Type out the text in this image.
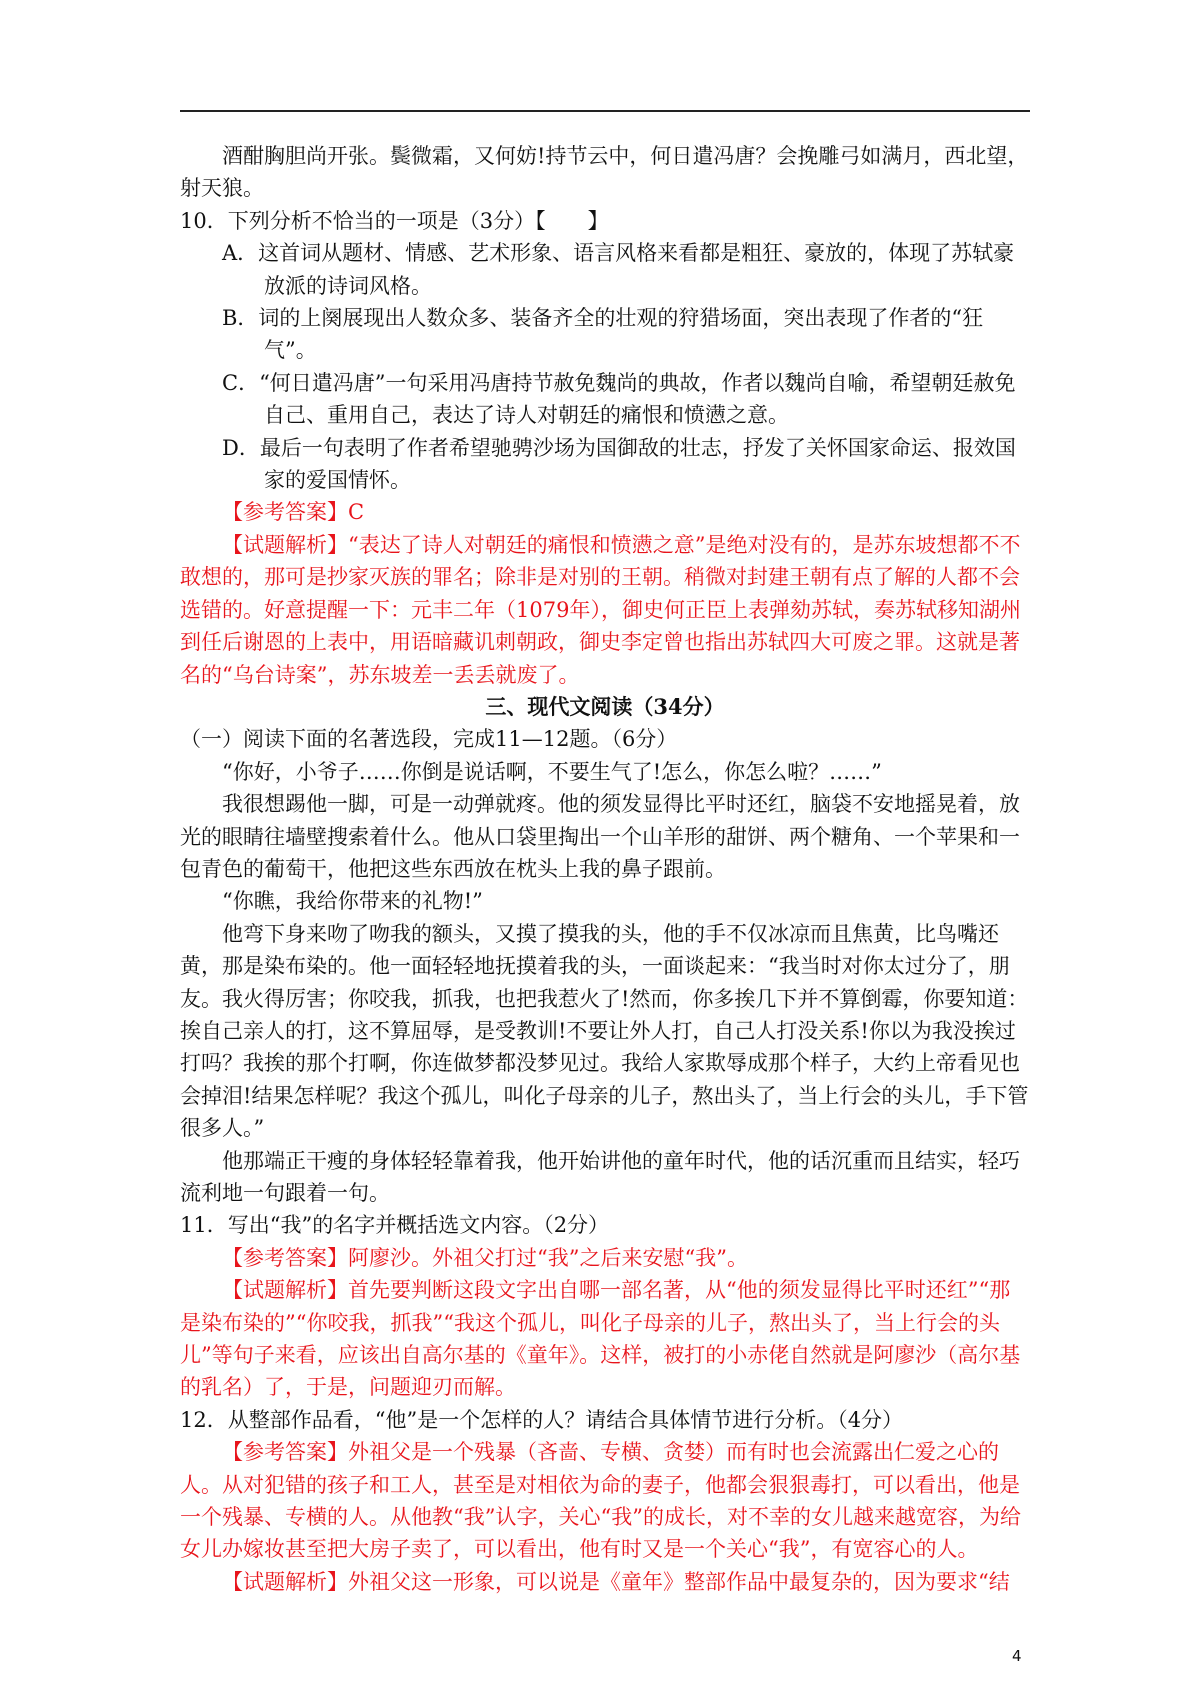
酒酣胸胆尚开张。鬓微霜，又何妨!持节云中，何日遣冯唐？会挽雕弓如满月，西北望，射天狼。

10．下列分析不恰当的一项是（3分）【　　】

A．这首词从题材、情感、艺术形象、语言风格来看都是粗狂、豪放的，体现了苏轼豪放派的诗词风格。

B．词的上阕展现出人数众多、装备齐全的壮观的狩猎场面，突出表现了作者的“狂气”。

C．“何日遣冯唐”一句采用冯唐持节赦免魏尚的典故，作者以魏尚自喻，希望朝廷赦免自己、重用自己，表达了诗人对朝廷的痛恨和愤懑之意。

D．最后一句表明了作者希望驰骋沙场为国御敌的壮志，抒发了关怀国家命运、报效国家的爱国情怀。

【参考答案】C

【试题解析】“表达了诗人对朝廷的痛恨和愤懑之意”是绝对没有的，是苏东坡想都不不敢想的，那可是抄家灭族的罪名；除非是对别的王朝。稍微对封建王朝有点了解的人都不会选错的。好意提醒一下：元丰二年（1079年），御史何正臣上表弹劾苏轼，奏苏轼移知湖州到任后谢恩的上表中，用语暗藏讥刺朝政，御史李定曾也指出苏轼四大可废之罪。这就是著名的“乌台诗案”，苏东坡差一丢丢就废了。

三、现代文阅读（34分）

（一）阅读下面的名著选段，完成11—12题。（6分）

“你好，小爷子……你倒是说话啊，不要生气了!怎么，你怎么啦？……”

我很想踢他一脚，可是一动弹就疼。他的须发显得比平时还红，脑袋不安地摇晃着，放光的眼睛往墙壁搜索着什么。他从口袋里掏出一个山羊形的甜饼、两个糖角、一个苹果和一包青色的葡萄干，他把这些东西放在枕头上我的鼻子跟前。

“你瞧，我给你带来的礼物!”

他弯下身来吻了吻我的额头，又摸了摸我的头，他的手不仅冰凉而且焦黄，比鸟嘴还黄，那是染布染的。他一面轻轻地抚摸着我的头，一面谈起来：“我当时对你太过分了，朋友。我火得厉害；你咬我，抓我，也把我惹火了!然而，你多挨几下并不算倒霉，你要知道：挨自己亲人的打，这不算屈辱，是受教训!不要让外人打，自己人打没关系!你以为我没挨过打吗？我挨的那个打啊，你连做梦都没梦见过。我给人家欺辱成那个样子，大约上帝看见也会掉泪!结果怎样呢？我这个孤儿，叫化子母亲的儿子，熬出头了，当上行会的头儿，手下管很多人。”

他那端正干瘦的身体轻轻靠着我，他开始讲他的童年时代，他的话沉重而且结实，轻巧流利地一句跟着一句。

11．写出“我”的名字并概括选文内容。（2分）

【参考答案】阿廖沙。外祖父打过“我”之后来安慰“我”。

【试题解析】首先要判断这段文字出自哪一部名著，从“他的须发显得比平时还红”“那是染布染的”“你咬我，抓我”“我这个孤儿，叫化子母亲的儿子，熬出头了，当上行会的头儿”等句子来看，应该出自高尔基的《童年》。这样，被打的小赤佬自然就是阿廖沙（高尔基的乳名）了，于是，问题迎刃而解。

12．从整部作品看，“他”是一个怎样的人？请结合具体情节进行分析。（4分）

【参考答案】外祖父是一个残暴（吝啬、专横、贪婪）而有时也会流露出仁爱之心的人。从对犯错的孩子和工人，甚至是对相依为命的妻子，他都会狠狠毒打，可以看出，他是一个残暴、专横的人。从他教“我”认字，关心“我”的成长，对不幸的女儿越来越宽容，为给女儿办嫁妆甚至把大房子卖了，可以看出，他有时又是一个关心“我”，有宽容心的人。

【试题解析】外祖父这一形象，可以说是《童年》整部作品中最复杂的，因为要求“结

4
